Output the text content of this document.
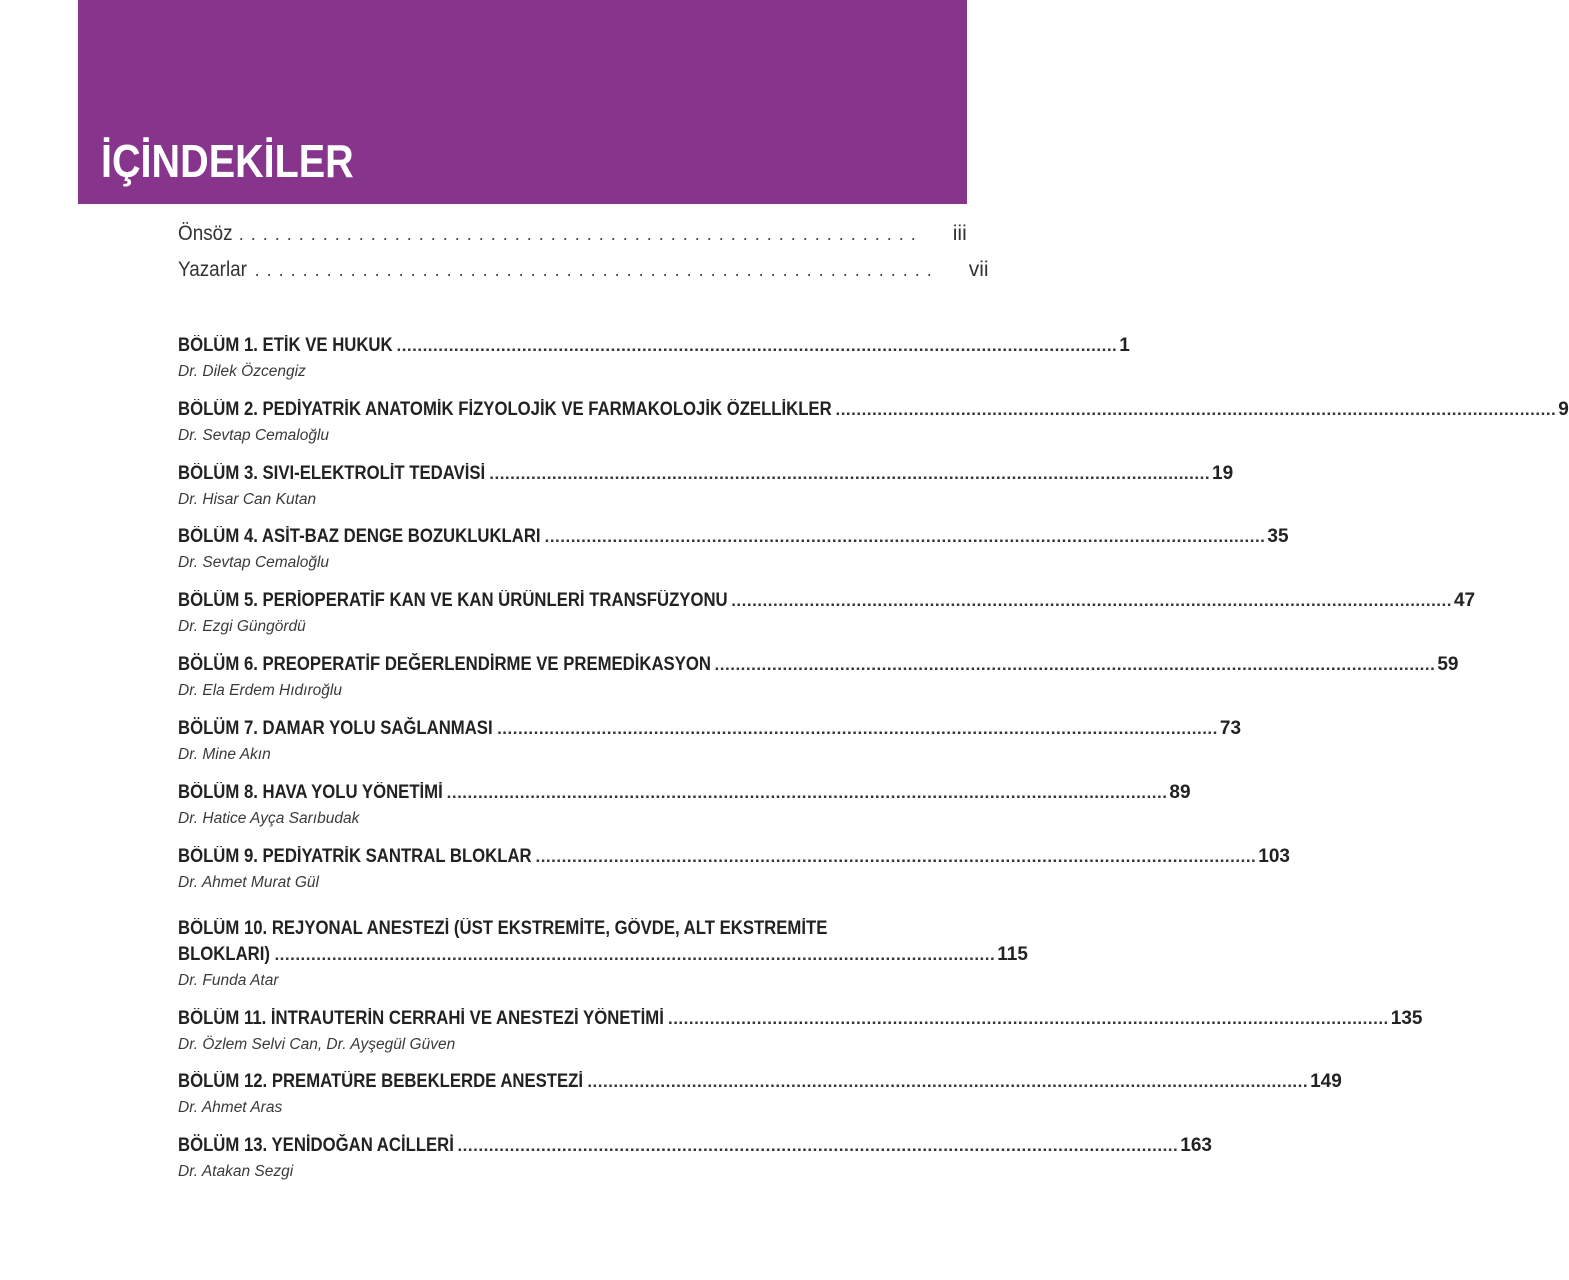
İÇİNDEKİLER
Önsöz ......................................................... iii
Yazarlar ......................................................... vii
BÖLÜM 1. ETİK VE HUKUK .......................................................................................................................................... 1
Dr. Dilek Özcengiz
BÖLÜM 2. PEDİYATRİK ANATOMİK FİZYOLOJİK VE FARMAKOLOJİK ÖZELLİKLER .......................................................................................................................................... 9
Dr. Sevtap Cemaloğlu
BÖLÜM 3. SIVI-ELEKTROLİT TEDAVİSİ .......................................................................................................................................... 19
Dr. Hisar Can Kutan
BÖLÜM 4. ASİT-BAZ DENGE BOZUKLUKLARI .......................................................................................................................................... 35
Dr. Sevtap Cemaloğlu
BÖLÜM 5. PERİOPERATİF KAN VE KAN ÜRÜNLERİ TRANSFÜZYONU .......................................................................................................................................... 47
Dr. Ezgi Güngördü
BÖLÜM 6. PREOPERATİF DEĞERLENDİRME VE PREMEDİKASYON .......................................................................................................................................... 59
Dr. Ela Erdem Hıdıroğlu
BÖLÜM 7. DAMAR YOLU SAĞLANMASI .......................................................................................................................................... 73
Dr. Mine Akın
BÖLÜM 8. HAVA YOLU YÖNETİMİ .......................................................................................................................................... 89
Dr. Hatice Ayça Sarıbudak
BÖLÜM 9. PEDİYATRİK SANTRAL BLOKLAR .......................................................................................................................................... 103
Dr. Ahmet Murat Gül
BÖLÜM 10. REJYONAL ANESTEZİ (ÜST EKSTREMİTE, GÖVDE, ALT EKSTREMİTE
BLOKLARI) .......................................................................................................................................... 115
Dr. Funda Atar
BÖLÜM 11. İNTRAUTERİN CERRAHİ VE ANESTEZİ YÖNETİMİ .......................................................................................................................................... 135
Dr. Özlem Selvi Can, Dr. Ayşegül Güven
BÖLÜM 12. PREMATÜRE BEBEKLERDE ANESTEZİ .......................................................................................................................................... 149
Dr. Ahmet Aras
BÖLÜM 13. YENİDOĞAN ACİLLERİ .......................................................................................................................................... 163
Dr. Atakan Sezgi
